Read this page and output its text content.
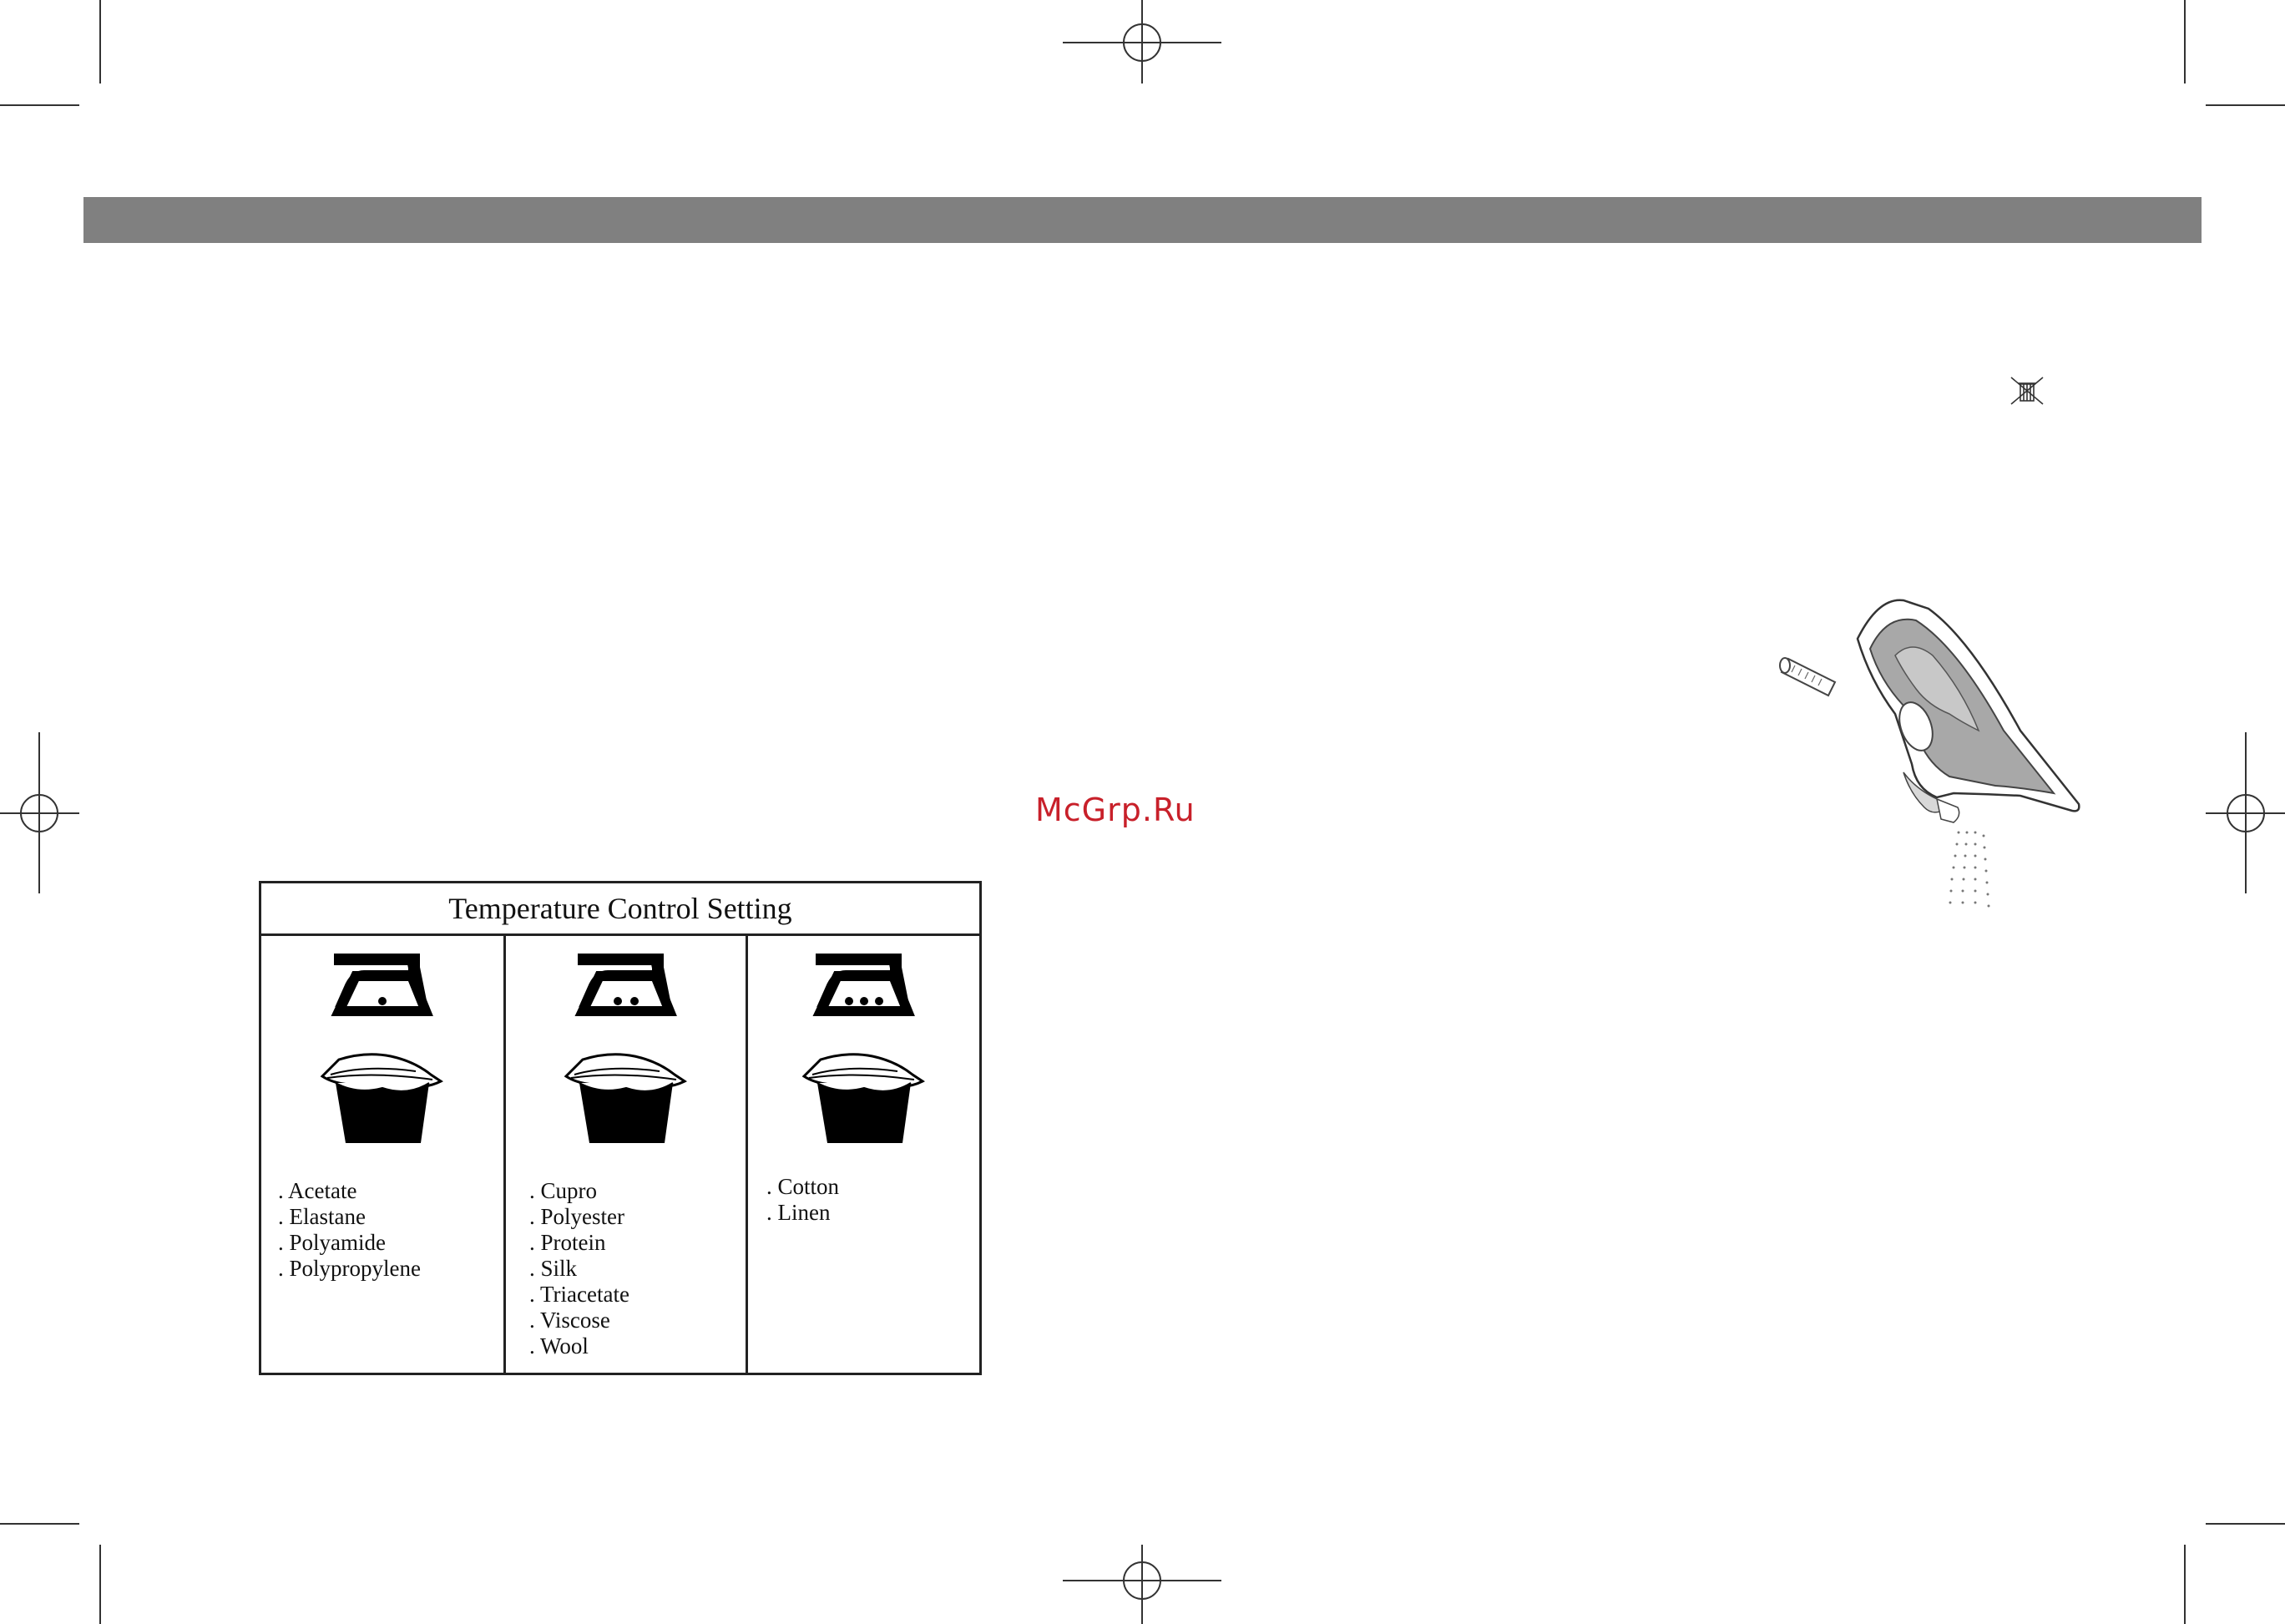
McGrp.Ru
Temperature Control Setting
. Acetate
. Elastane
. Polyamide
. Polypropylene
. Cupro
. Polyester
. Protein
. Silk
. Triacetate
. Viscose
. Wool
. Cotton
. Linen
